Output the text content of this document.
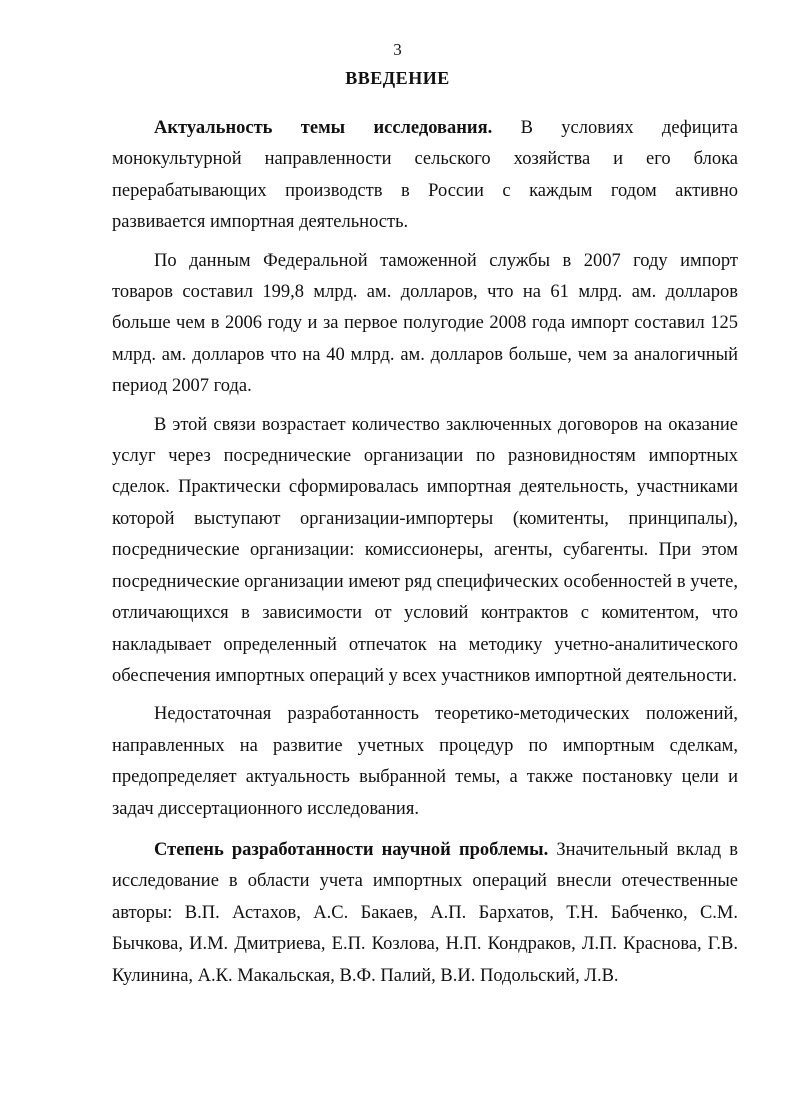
3
ВВЕДЕНИЕ

Актуальность темы исследования. В условиях дефицита монокультурной направленности сельского хозяйства и его блока перерабатывающих производств в России с каждым годом активно развивается импортная деятельность.

По данным Федеральной таможенной службы в 2007 году импорт товаров составил 199,8 млрд. ам. долларов, что на 61 млрд. ам. долларов больше чем в 2006 году и за первое полугодие 2008 года импорт составил 125 млрд. ам. долларов что на 40 млрд. ам. долларов больше, чем за аналогичный период 2007 года.

В этой связи возрастает количество заключенных договоров на оказание услуг через посреднические организации по разновидностям импортных сделок. Практически сформировалась импортная деятельность, участниками которой выступают организации-импортеры (комитенты, принципалы), посреднические организации: комиссионеры, агенты, субагенты. При этом посреднические организации имеют ряд специфических особенностей в учете, отличающихся в зависимости от условий контрактов с комитентом, что накладывает определенный отпечаток на методику учетно-аналитического обеспечения импортных операций у всех участников импортной деятельности.

Недостаточная разработанность теоретико-методических положений, направленных на развитие учетных процедур по импортным сделкам, предопределяет актуальность выбранной темы, а также постановку цели и задач диссертационного исследования.

Степень разработанности научной проблемы. Значительный вклад в исследование в области учета импортных операций внесли отечественные авторы: В.П. Астахов, А.С. Бакаев, А.П. Бархатов, Т.Н. Бабченко, С.М. Бычкова, И.М. Дмитриева, Е.П. Козлова, Н.П. Кондраков, Л.П. Краснова, Г.В. Кулинина, А.К. Макальская, В.Ф. Палий, В.И. Подольский, Л.В.
